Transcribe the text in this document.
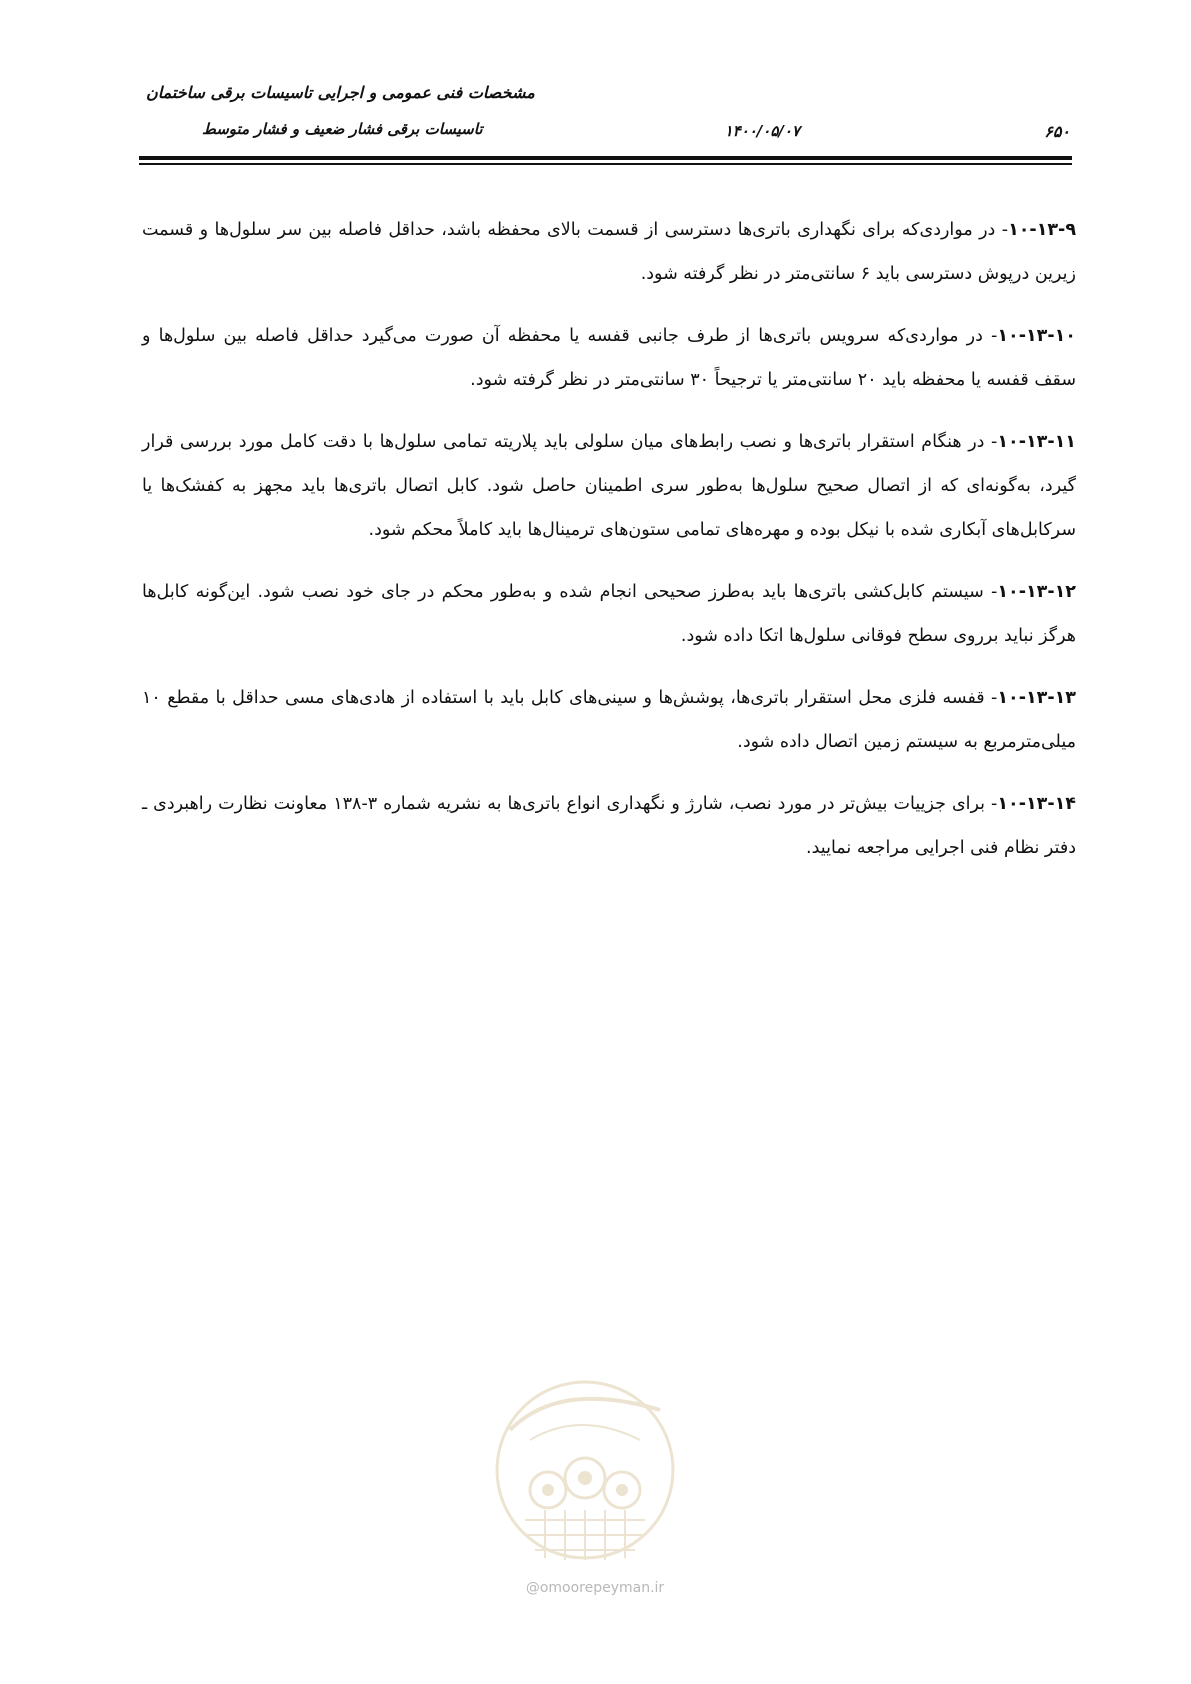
مشخصات فنی عمومی و اجرایی تاسیسات برقی ساختمان
تاسیسات برقی فشار ضعیف و فشار متوسط	۱۴۰۰/۰۵/۰۷	۶۵۰

۱۰-۱۳-۹- در مواردی‌که برای نگهداری باتری‌ها دسترسی از قسمت بالای محفظه باشد، حداقل فاصله بین سر سلول‌ها و قسمت زیرین درپوش دسترسی باید ۶ سانتی‌متر در نظر گرفته شود.

۱۰-۱۳-۱۰- در مواردی‌که سرویس باتری‌ها از طرف جانبی قفسه یا محفظه آن صورت می‌گیرد حداقل فاصله بین سلول‌ها و سقف قفسه یا محفظه باید ۲۰ سانتی‌متر یا ترجیحاً ۳۰ سانتی‌متر در نظر گرفته شود.

۱۰-۱۳-۱۱- در هنگام استقرار باتری‌ها و نصب رابط‌های میان سلولی باید پلاریته تمامی سلول‌ها با دقت کامل مورد بررسی قرار گیرد، به‌گونه‌ای که از اتصال صحیح سلول‌ها به‌طور سری اطمینان حاصل شود. کابل اتصال باتری‌ها باید مجهز به کفشک‌ها یا سرکابل‌های آبکاری شده با نیکل بوده و مهره‌های تمامی ستون‌های ترمینال‌ها باید کاملاً محکم شود.

۱۰-۱۳-۱۲- سیستم کابل‌کشی باتری‌ها باید به‌طرز صحیحی انجام شده و به‌طور محکم در جای خود نصب شود. این‌گونه کابل‌ها هرگز نباید برروی سطح فوقانی سلول‌ها اتکا داده شود.

۱۰-۱۳-۱۳- قفسه فلزی محل استقرار باتری‌ها، پوشش‌ها و سینی‌های کابل باید با استفاده از هادی‌های مسی حداقل با مقطع ۱۰ میلی‌مترمربع به سیستم زمین اتصال داده شود.

۱۰-۱۳-۱۴- برای جزییات بیش‌تر در مورد نصب، شارژ و نگهداری انواع باتری‌ها به نشریه شماره ۳-۱۳۸ معاونت نظارت راهبردی ـ دفتر نظام فنی اجرایی مراجعه نمایید.

@omoorepeyman.ir
